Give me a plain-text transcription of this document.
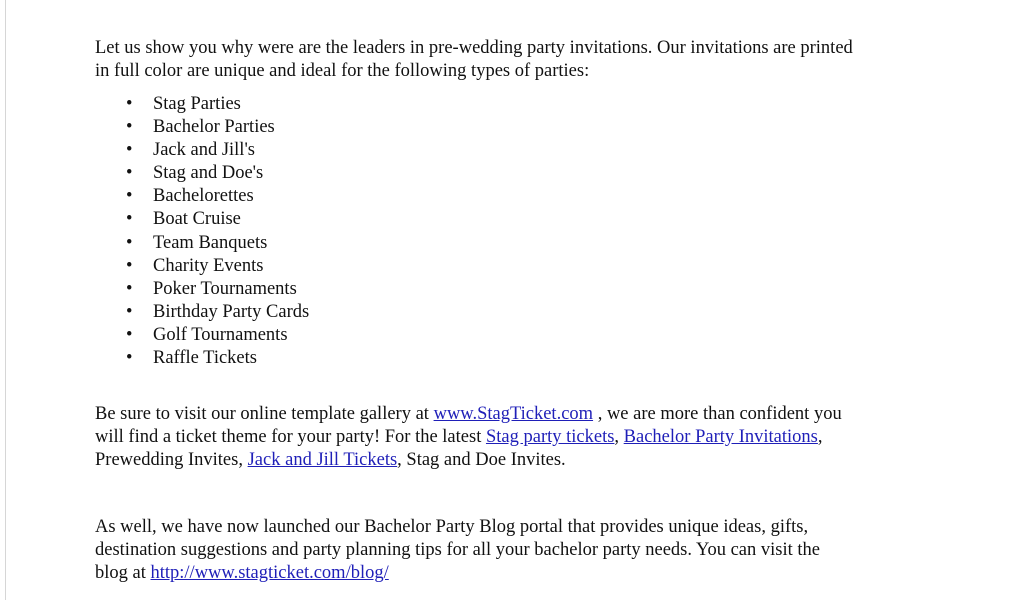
Let us show you why were are the leaders in pre-wedding party invitations. Our invitations are printed
in full color are unique and ideal for the following types of parties:

• Stag Parties
• Bachelor Parties
• Jack and Jill's
• Stag and Doe's
• Bachelorettes
• Boat Cruise
• Team Banquets
• Charity Events
• Poker Tournaments
• Birthday Party Cards
• Golf Tournaments
• Raffle Tickets

Be sure to visit our online template gallery at www.StagTicket.com , we are more than confident you
will find a ticket theme for your party! For the latest Stag party tickets, Bachelor Party Invitations,
Prewedding Invites, Jack and Jill Tickets, Stag and Doe Invites.

As well, we have now launched our Bachelor Party Blog portal that provides unique ideas, gifts,
destination suggestions and party planning tips for all your bachelor party needs. You can visit the
blog at http://www.stagticket.com/blog/
